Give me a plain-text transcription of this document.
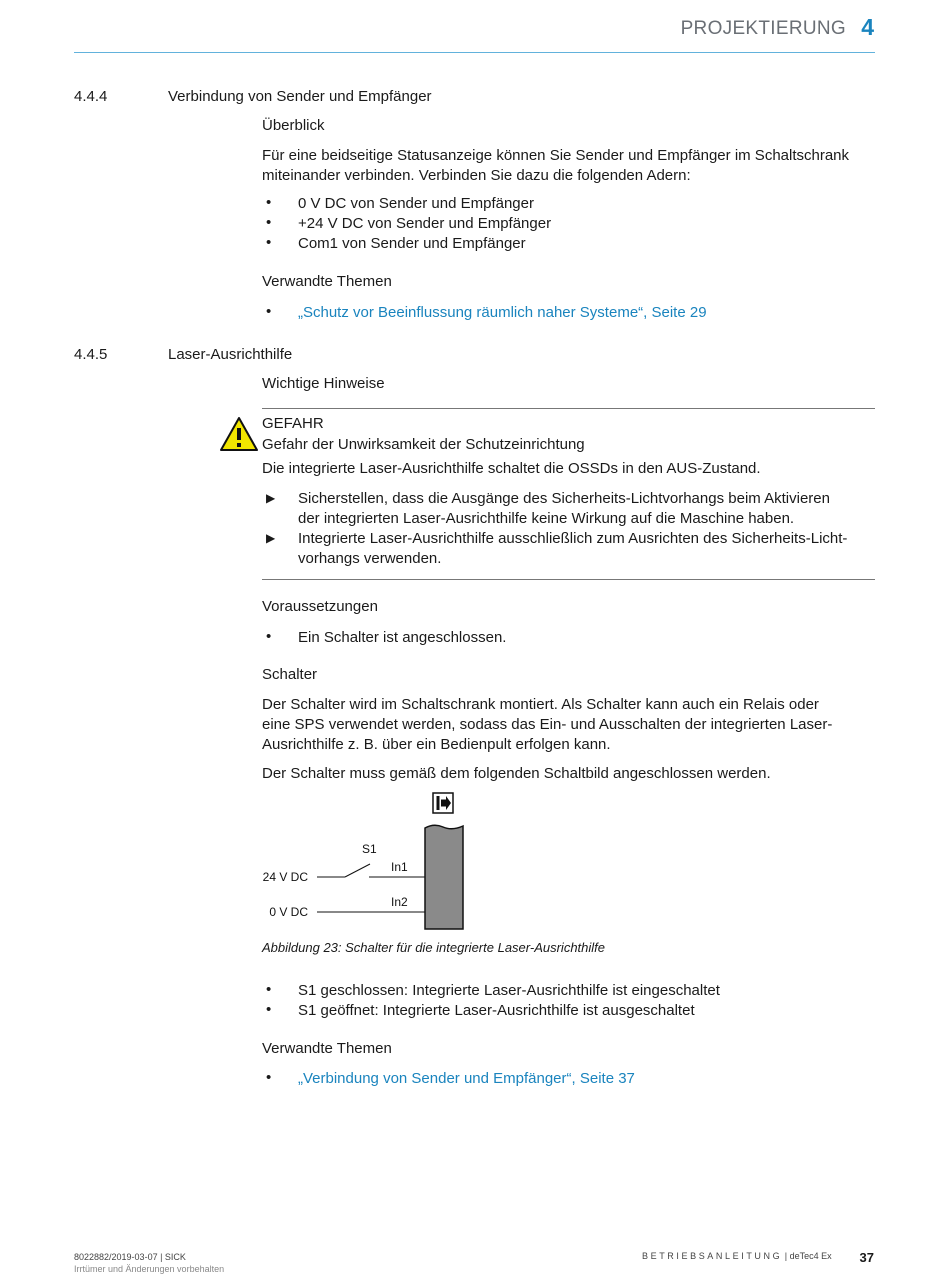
PROJEKTIERUNG 4
4.4.4	Verbindung von Sender und Empfänger
Überblick
Für eine beidseitige Statusanzeige können Sie Sender und Empfänger im Schaltschrank
miteinander verbinden. Verbinden Sie dazu die folgenden Adern:
• 0 V DC von Sender und Empfänger
• +24 V DC von Sender und Empfänger
• Com1 von Sender und Empfänger
Verwandte Themen
• „Schutz vor Beeinflussung räumlich naher Systeme“, Seite 29
4.4.5	Laser-Ausrichthilfe
Wichtige Hinweise
GEFAHR
Gefahr der Unwirksamkeit der Schutzeinrichtung
Die integrierte Laser-Ausrichthilfe schaltet die OSSDs in den AUS-Zustand.
▶ Sicherstellen, dass die Ausgänge des Sicherheits-Lichtvorhangs beim Aktivieren
der integrierten Laser-Ausrichthilfe keine Wirkung auf die Maschine haben.
▶ Integrierte Laser-Ausrichthilfe ausschließlich zum Ausrichten des Sicherheits-Licht-
vorhangs verwenden.
Voraussetzungen
• Ein Schalter ist angeschlossen.
Schalter
Der Schalter wird im Schaltschrank montiert. Als Schalter kann auch ein Relais oder
eine SPS verwendet werden, sodass das Ein- und Ausschalten der integrierten Laser-
Ausrichthilfe z. B. über ein Bedienpult erfolgen kann.
Der Schalter muss gemäß dem folgenden Schaltbild angeschlossen werden.
24 V DC
0 V DC
S1
In1
In2
Abbildung 23: Schalter für die integrierte Laser-Ausrichthilfe
• S1 geschlossen: Integrierte Laser-Ausrichthilfe ist eingeschaltet
• S1 geöffnet: Integrierte Laser-Ausrichthilfe ist ausgeschaltet
Verwandte Themen
• „Verbindung von Sender und Empfänger“, Seite 37
8022882/2019-03-07 | SICK
Irrtümer und Änderungen vorbehalten
BETRIEBSANLEITUNG | deTec4 Ex 37
